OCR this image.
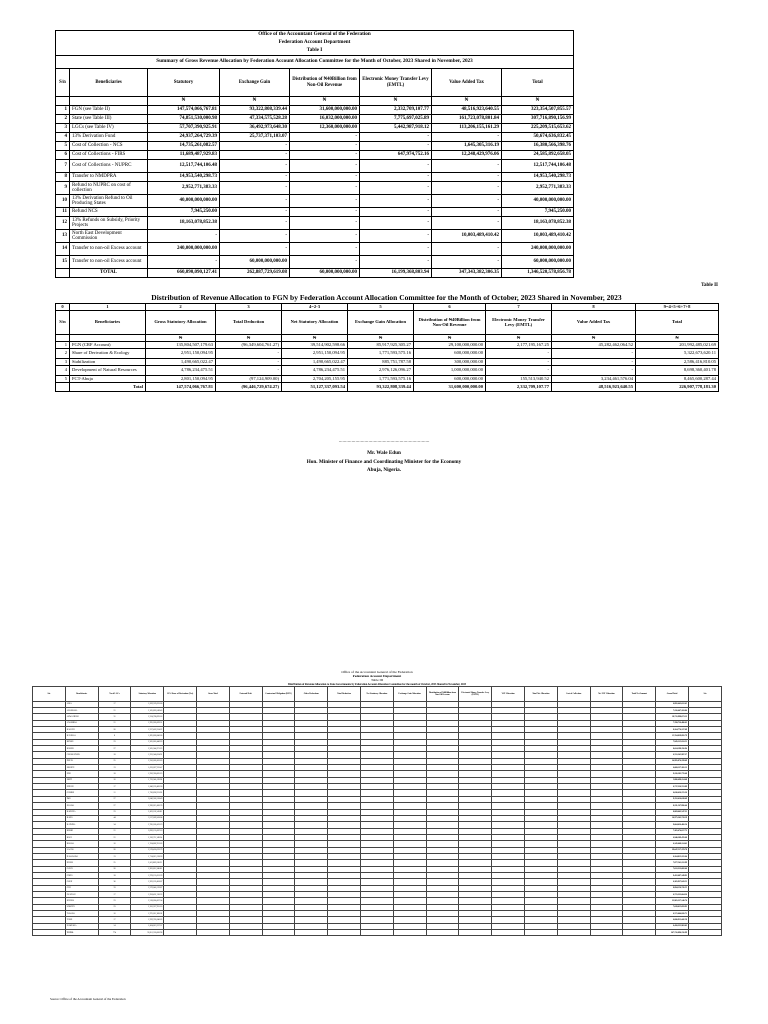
Office of the Accountant General of the Federation							
Federation Account Department							
Table I							
Summary of Gross Revenue Allocation by Federation Account Allocation Committee for the Month of October, 2023 Shared in November, 2023							
S/n	Beneficiaries	Statutory	Exchange Gain	Distribution of ₦40Billion from Non-Oil Revenue	Electronic Money Transfer Levy (EMTL)	Value Added Tax	Total
		₦	₦	₦	₦	₦	₦
1	FGN (see Table II)	147,574,066,767.81	93,322,808,339.44	31,600,000,000.00	2,332,709,107.77	48,516,923,640.55	323,354,507,855.57
2	State (see Table III)	74,851,530,000.98	47,334,575,528.28	16,032,000,000.00	7,775,697,025.89	161,723,078,801.84	307,716,890,156.99
3	LGCs (see Table IV)	57,707,390,925.91	36,492,973,648.30	12,360,000,000.00	5,442,987,918.12	113,206,155,161.29	225,209,515,653.62
4	13% Derivation Fund	24,937,264,729.39	25,737,371,103.07	-	-	-	50,674,636,832.45
5	Cost of Collection - NCS	14,735,261,082.57	-	-	-	1,645,305,316.19	16,380,566,398.76
6	Cost of Collections - FIRS	11,689,487,929.83	-	-	647,974,752.16	12,248,429,976.06	24,585,892,658.05
7	Cost of Collections - NUPRC	12,517,744,106.48	-	-	-	-	12,517,744,106.48
8	Transfer to NMDPRA	14,953,540,298.73	-	-	-	-	14,953,540,298.73
9	Refund to NUPRC on cost of collection	2,952,771,383.33	-	-	-	-	2,952,771,383.33
10	13% Derivation Refund to Oil Producing States	40,000,000,000.00	-	-	-	-	40,000,000,000.00
11	Refund NCS	7,945,250.00	-	-	-	-	7,945,250.00
12	13% Refunds on Subsidy, Priority Projects	18,163,078,852.38	-	-	-	-	18,163,078,852.38
13	North East Development Commission	-	-	-	-	10,003,489,410.42	10,003,489,410.42
14	Transfer to non-oil Excess account	240,000,000,000.00	-	-	-	-	240,000,000,000.00
15	Transfer to non-oil Excess account	-	60,000,000,000.00	-	-	-	60,000,000,000.00
	TOTAL	660,090,090,127.41	262,887,729,619.08	60,000,000,000.00	16,199,368,803.94	347,343,382,306.35	1,346,520,578,856.78
Table II
Distribution of Revenue Allocation to FGN by Federation Account Allocation Committee for the Month of October, 2023 Shared in November, 2023
0	1	2	3	4=2-3	5	6	7	8	9=4+5+6+7+8
S/n	Beneficiaries	Gross Statutory Allocation	Total Deduction	Net Statutory Allocation	Exchange Gain Allocation	Distribution of ₦40Billion from Non-Oil Revenue	Electronic Money Transfer Levy (EMTL)	Value Added Tax	Total
		₦	₦	₦	₦	₦	₦	₦	₦
1	FGN (CRF Account)	135,804,507,179.63	(96,349,604,761.27)	39,514,902,598.66	85,917,925,305.27	29,100,000,000.00	2,177,195,167.25	45,282,462,064.52	201,992,485,021.69
2	Share of Derivation & Ecology	2,951,150,094.95	-	2,951,150,094.95	1,771,593,575.16	600,000,000.00	-	-	5,322,673,620.11
3	Stabilization	1,490,665,022.47	-	1,490,665,022.47	885,751,787.58	300,000,000.00	-	-	2,586,416,810.05
4	Development of Natural Resources	4,786,234,475.51	-	4,786,234,475.51	2,976,126,096.27	1,000,000,000.00	-	-	8,698,360,401.78
5	FCT-Abuja	2,801,150,094.95	(97,124,909.00)	2,704,205,155.95	1,771,593,575.16	600,000,000.00	155,513,940.52	3,234,461,576.04	8,465,600,287.44
	Total	147,574,066,767.81	(96,446,729,674.27)	51,127,337,093.54	93,322,808,339.44	31,600,000,000.00	2,332,709,107.77	48,516,923,640.55	226,907,778,181.30
......................................................................
Mr. Wale Edun
Hon. Minister of Finance and Coordinating Minister for the Economy
Abuja, Nigeria.
Office of the Accountant General of the Federation
Federation Account Department
Table III
Distribution of Revenue Allocation to State Governments by Federation Account Allocation Committee for the month of October, 2023 Shared in November, 2023
S/n	Beneficiaries	No of LGCs	Statutory Allocation	13% Share of Derivation (Net)	Gross Total	External Debt	Contractual Obligation (ISPO)	Other Deductions	Total Deduction	Net Statutory Allocation	Exchange Gain Allocation	Distribution of ₦40Billion from Non-Oil Revenue	Electronic Money Transfer Levy (EMTL)	VAT Allocation	Total Net Allocation	Cost of Collection	Net VAT Allocation	Total Net Amount	Grand Total	S/n
	ABIA	17	1,839,539,633.60																6,891,442,012.45	
	ADAMAWA	21	2,165,820,549.43																7,216,407,183.86	
	AKWA IBOM	31	2,324,768,093.18																18,731,998,073.13	
	ANAMBRA	21	1,995,286,669.51																7,708,726,480.62	
	BAUCHI	20	2,337,463,914.22																8,164,774,127.09	
	BAYELSA	8	1,895,860,846.60																15,704,829,891.79	
	BENUE	23	2,305,018,446.26																7,945,115,224.51	
	BORNO	27	2,365,344,971.23																8,024,198,356.94	
	CROSS RIVER	18	1,933,548,024.91																6,551,245,987.37	
	DELTA	25	2,236,662,002.05																24,995,870,199.09	
	EBONYI	13	1,633,627,913.47																6,068,127,381.12	
	EDO	18	1,926,740,005.25																9,226,383,770.48	
	EKITI	16	1,723,540,119.28																5,886,498,214.48	
	ENUGU	17	1,846,120,483.50																6,737,226,553.89	
	GOMBE	11	1,720,838,911.36																6,030,436,155.26	
	IMO	27	2,046,506,318.49																9,352,416,038.49	
	JIGAWA	27	2,390,613,420.70																8,211,567,990.40	
	KADUNA	23	2,433,116,543.81																8,869,002,547.21	
	KANO	44	3,217,009,508.64																10,975,203,718.19	
	KATSINA	34	2,785,180,413.19																9,004,026,466.54	
	KEBBI	21	2,096,153,087.16																7,305,474,617.72	
	KOGI	21	2,126,711,349.34																6,940,389,470.08	
	KWARA	16	1,764,802,931.63																6,345,008,124.43	
	LAGOS	20	2,578,436,076.79																29,047,517,378.78	
	NASARAWA	13	1,714,015,218.36																6,164,815,221.64	
	NIGER	25	2,411,063,810.21																7,877,541,212.99	
	OGUN	20	1,903,811,946.85																7,612,213,082.46	
	ONDO	18	1,978,155,052.39																9,412,087,349.93	
	OSUN	30	1,963,120,458.07																6,305,927,843.51	
	OYO	33	2,379,040,219.87																8,894,150,726.55	
	PLATEAU	17	1,958,431,210.33																6,715,223,004.26	
	RIVERS	23	2,318,624,007.54																23,905,327,146.70	
	SOKOTO	23	2,181,327,955.10																7,628,015,093.92	
	TARABA	16	1,975,611,308.18																6,571,004,826.71	
	YOBE	17	1,939,703,640.63																6,680,911,442.58	
	ZAMFARA	14	1,864,013,917.57																6,410,221,903.03	
	TOTAL	774	74,851,530,000.98																307,716,890,156.99	
Source: Office of the Accountant General of the Federation
